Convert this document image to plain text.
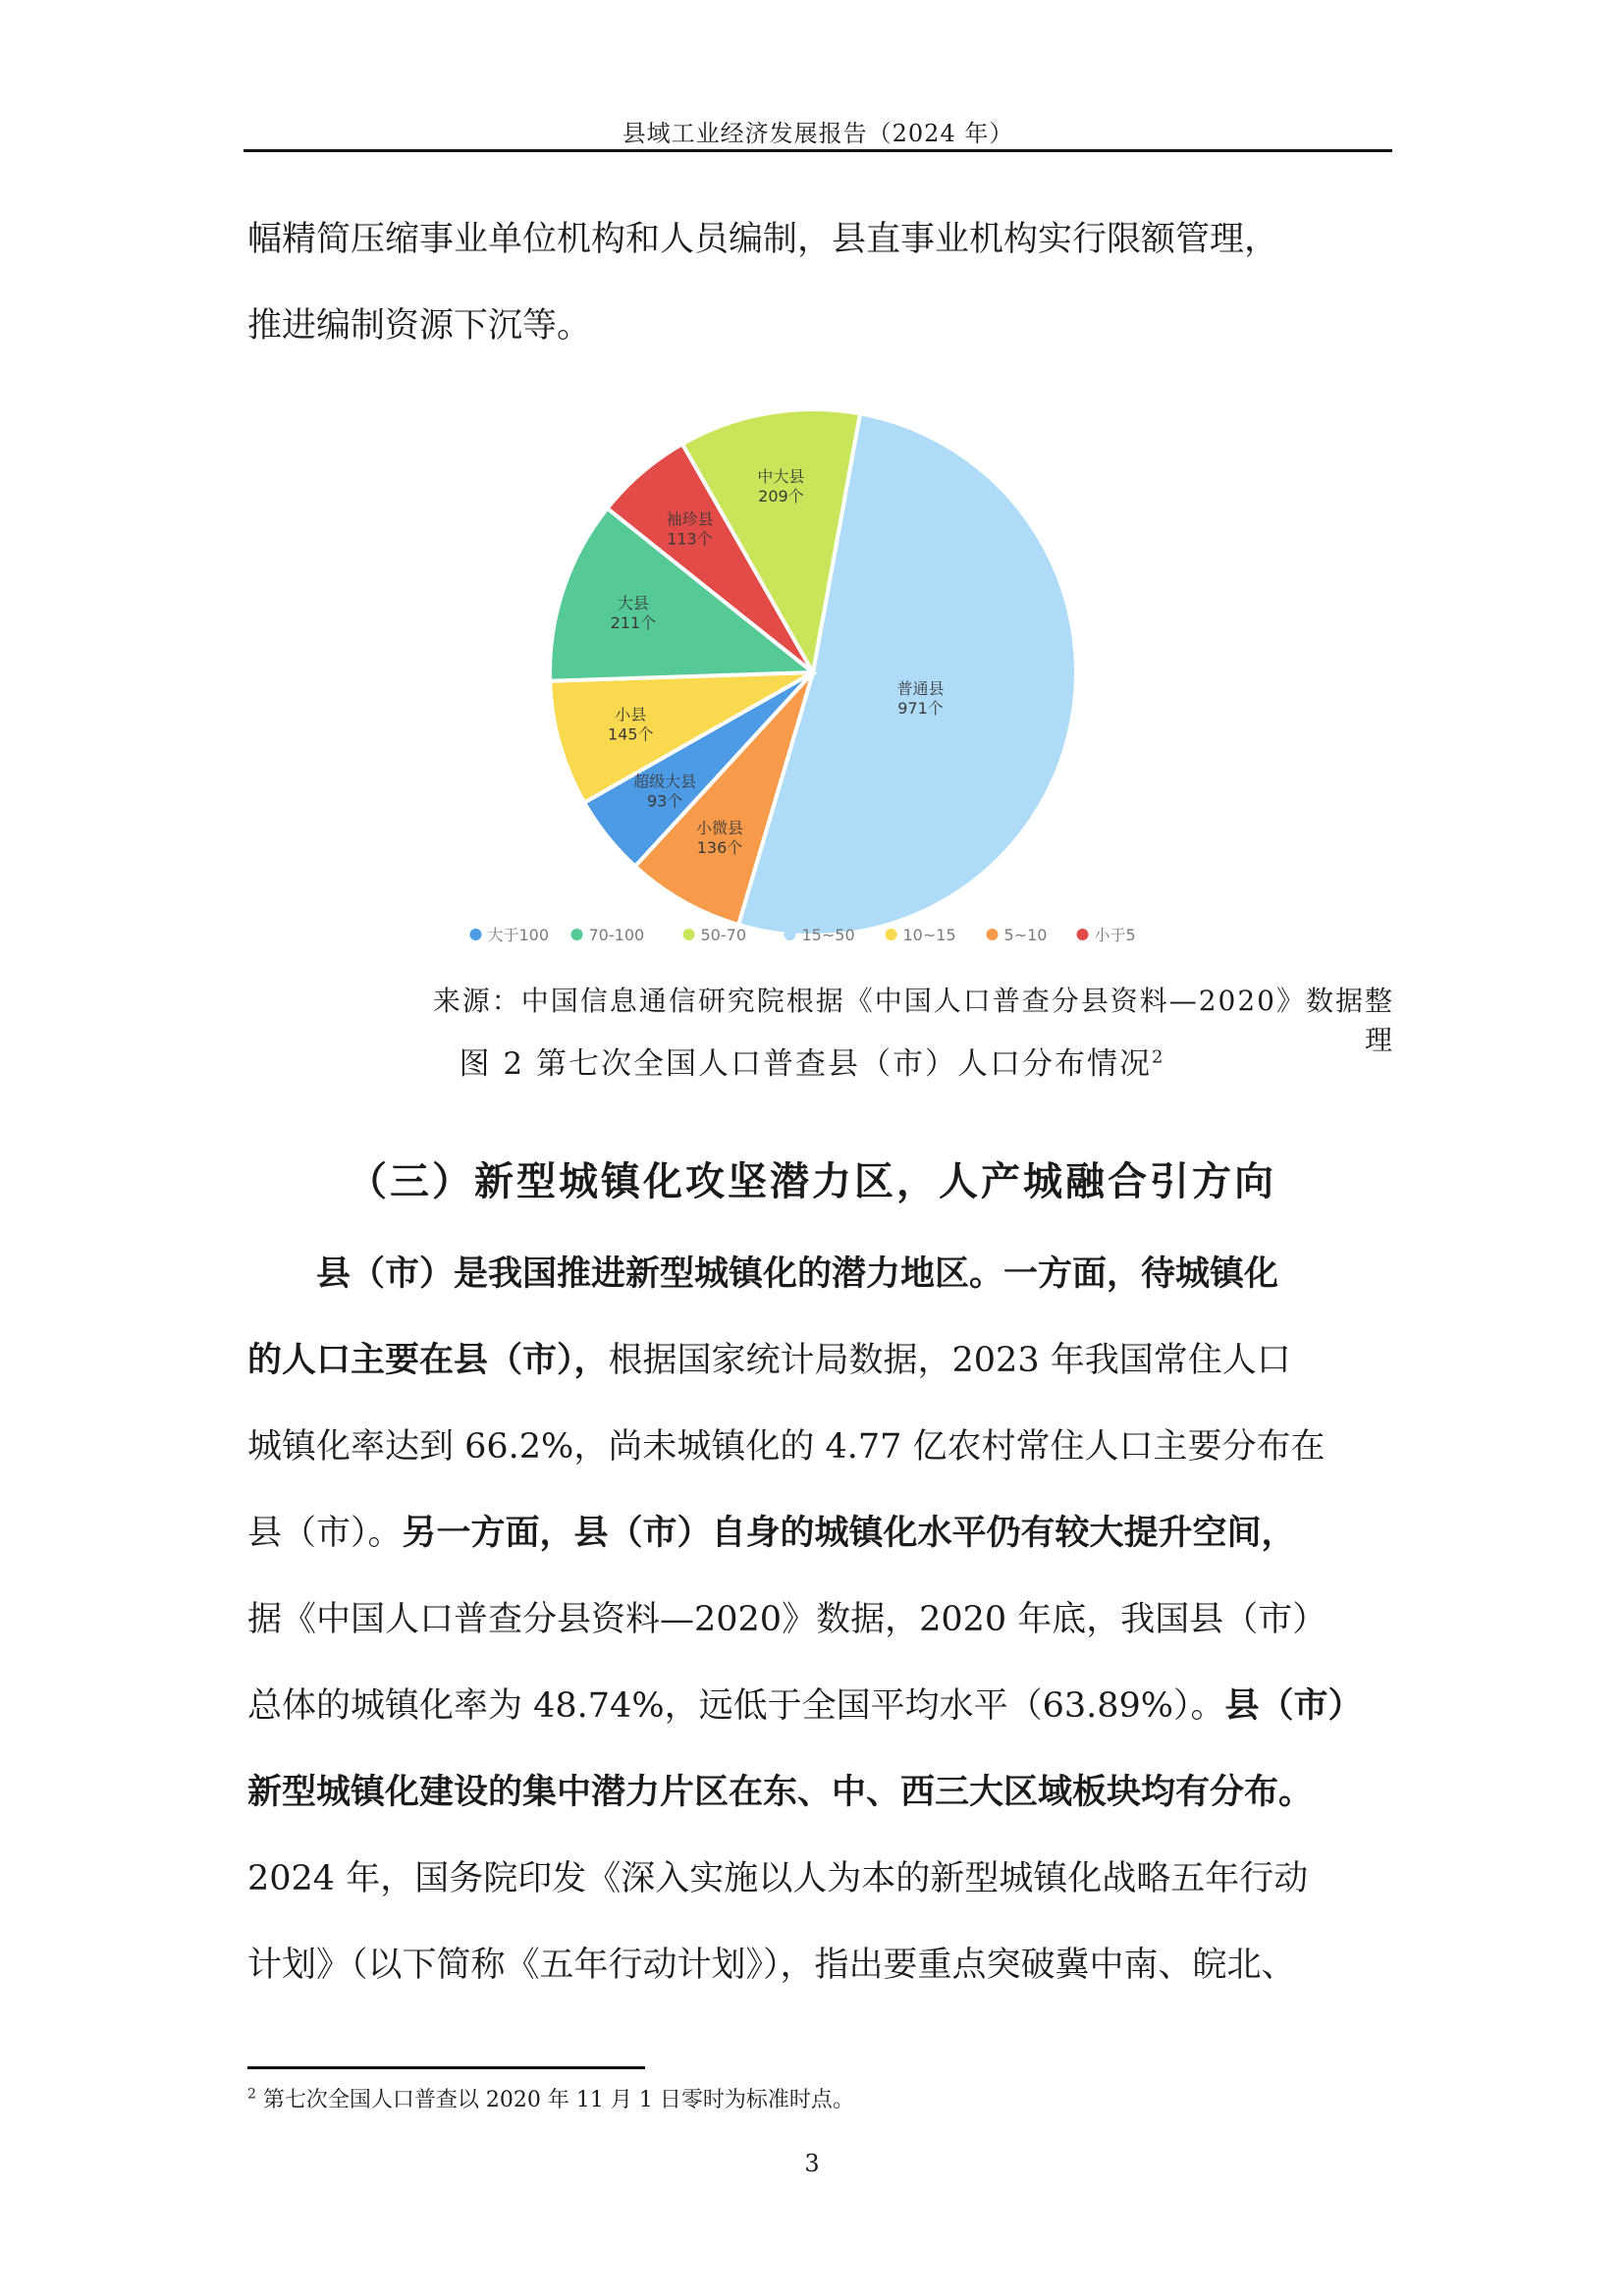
县域工业经济发展报告（2024 年）
幅精简压缩事业单位机构和人员编制，县直事业机构实行限额管理，
推进编制资源下沉等。
普通县
971个
小微县
136个
超级大县
93个
小县
145个
大县
211个
袖珍县
113个
中大县
209个
大于100	70-100	50-70	15~50	10~15	5~10	小于5
来源：中国信息通信研究院根据《中国人口普查分县资料—2020》数据整理
图 2 第七次全国人口普查县（市）人口分布情况$^2$
（三）新型城镇化攻坚潜力区，人产城融合引方向
县（市）是我国推进新型城镇化的潜力地区。一方面，待城镇化
的人口主要在县（市），根据国家统计局数据，2023 年我国常住人口
城镇化率达到 66.2%，尚未城镇化的 4.77 亿农村常住人口主要分布在
县（市）。另一方面，县（市）自身的城镇化水平仍有较大提升空间，
据《中国人口普查分县资料—2020》数据，2020 年底，我国县（市）
总体的城镇化率为 48.74%，远低于全国平均水平（63.89%）。县（市）
新型城镇化建设的集中潜力片区在东、中、西三大区域板块均有分布。
2024 年，国务院印发《深入实施以人为本的新型城镇化战略五年行动
计划》（以下简称《五年行动计划》），指出要重点突破冀中南、皖北、
$^2$ 第七次全国人口普查以 2020 年 11 月 1 日零时为标准时点。
3
